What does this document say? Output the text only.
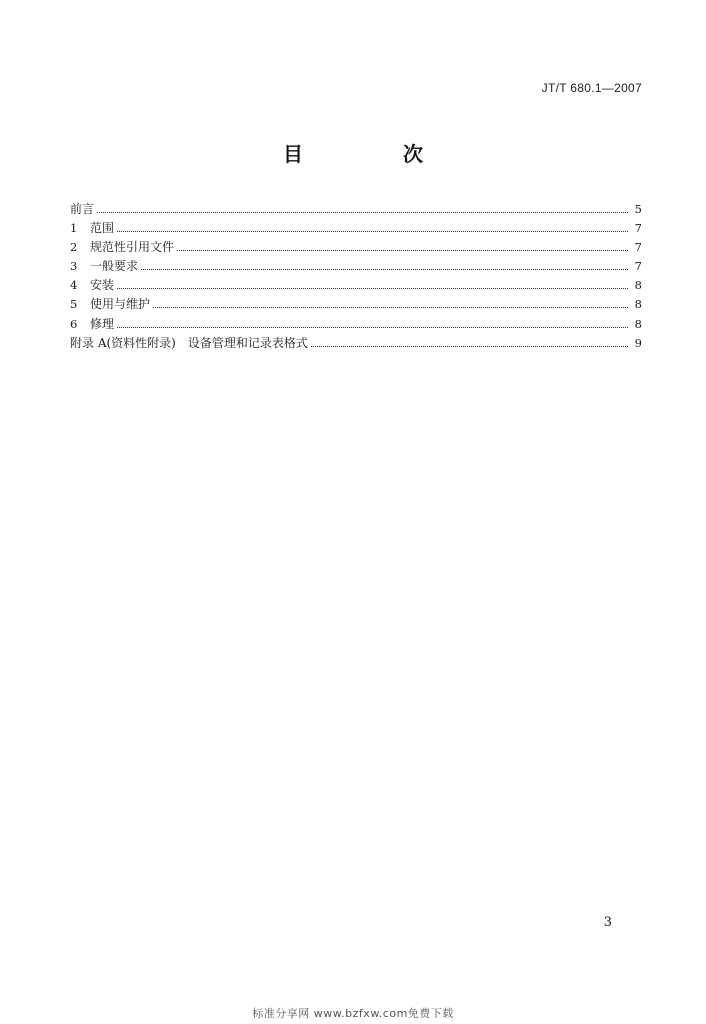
JT/T 680.1—2007
目　次
前言	5
1	范围	7
2	规范性引用文件	7
3	一般要求	7
4	安装	8
5	使用与维护	8
6	修理	8
附录 A(资料性附录)　设备管理和记录表格式	9
3
标准分享网 www.bzfxw.com免费下载
